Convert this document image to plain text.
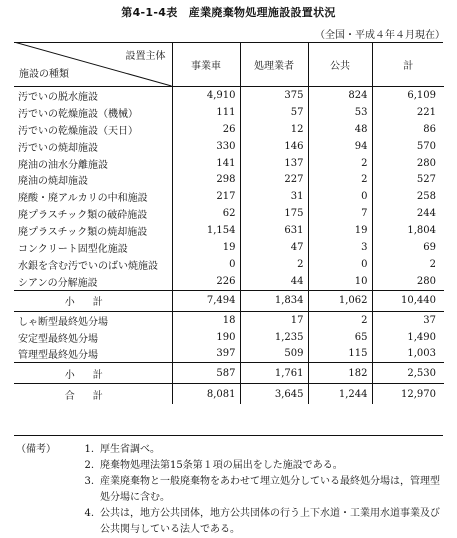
第4-1-4表　産業廃棄物処理施設設置状況
（全国・平成４年４月現在）
設置主体
施設の種類	事業車	処理業者	公共	計
汚でいの脱水施設	4,910	375	824	6,109
汚でいの乾燥施設（機械）	111	57	53	221
汚でいの乾燥施設（天日）	26	12	48	86
汚でいの焼却施設	330	146	94	570
廃油の油水分離施設	141	137	2	280
廃油の焼却施設	298	227	2	527
廃酸・廃アルカリの中和施設	217	31	0	258
廃プラスチック類の破砕施設	62	175	7	244
廃プラスチック類の焼却施設	1,154	631	19	1,804
コンクリート固型化施設	19	47	3	69
水銀を含む汚でいのばい焼施設	0	2	0	2
シアンの分解施設	226	44	10	280
小計	7,494	1,834	1,062	10,440
しゃ断型最終処分場	18	17	2	37
安定型最終処分場	190	1,235	65	1,490
管理型最終処分場	397	509	115	1,003
小計	587	1,761	182	2,530
合計	8,081	3,645	1,244	12,970
（備考）	1. 厚生省調べ。
2. 廃棄物処理法第15条第１項の届出をした施設である。
3. 産業廃棄物と一般廃棄物をあわせて埋立処分している最終処分場は，管理型処分場に含む。
4. 公共は，地方公共団体，地方公共団体の行う上下水道・工業用水道事業及び公共関与している法人である。
